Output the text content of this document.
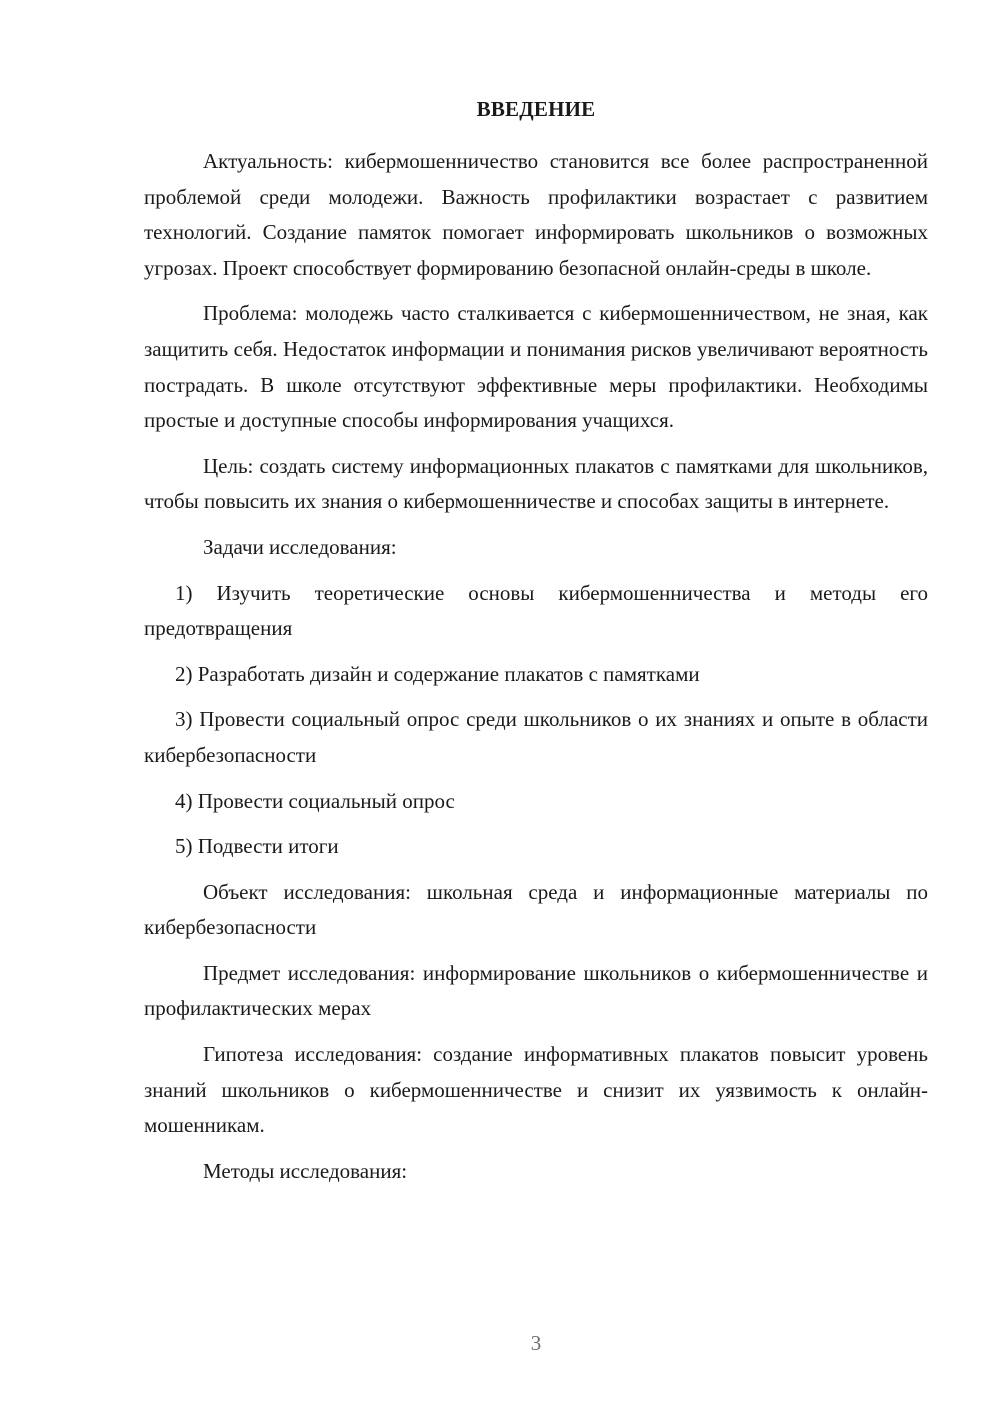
ВВЕДЕНИЕ

Актуальность: кибермошенничество становится все более распространенной проблемой среди молодежи. Важность профилактики возрастает с развитием технологий. Создание памяток помогает информировать школьников о возможных угрозах. Проект способствует формированию безопасной онлайн-среды в школе.

Проблема: молодежь часто сталкивается с кибермошенничеством, не зная, как защитить себя. Недостаток информации и понимания рисков увеличивают вероятность пострадать. В школе отсутствуют эффективные меры профилактики. Необходимы простые и доступные способы информирования учащихся.

Цель: создать систему информационных плакатов с памятками для школьников, чтобы повысить их знания о кибермошенничестве и способах защиты в интернете.

Задачи исследования:

1) Изучить теоретические основы кибермошенничества и методы его предотвращения

2) Разработать дизайн и содержание плакатов с памятками

3) Провести социальный опрос среди школьников о их знаниях и опыте в области кибербезопасности

4) Провести социальный опрос

5) Подвести итоги

Объект исследования: школьная среда и информационные материалы по кибербезопасности

Предмет исследования: информирование школьников о кибермошенничестве и профилактических мерах

Гипотеза исследования: создание информативных плакатов повысит уровень знаний школьников о кибермошенничестве и снизит их уязвимость к онлайн-мошенникам.

Методы исследования:

3
